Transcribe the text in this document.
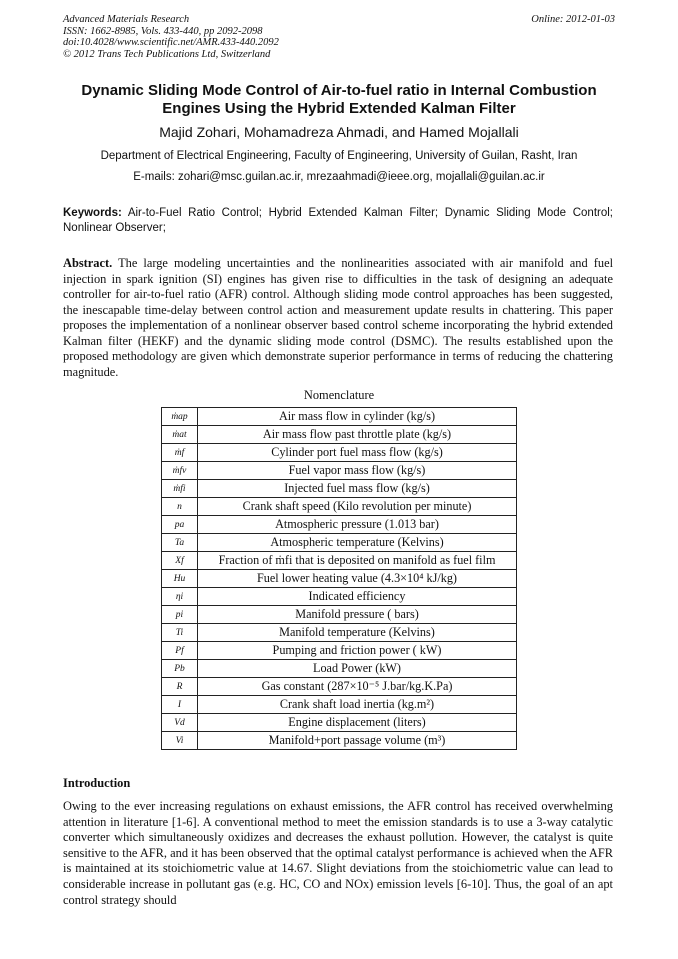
Advanced Materials Research
ISSN: 1662-8985, Vols. 433-440, pp 2092-2098
doi:10.4028/www.scientific.net/AMR.433-440.2092
© 2012 Trans Tech Publications Ltd, Switzerland
Online: 2012-01-03
Dynamic Sliding Mode Control of Air-to-fuel ratio in Internal Combustion
Engines Using the Hybrid Extended Kalman Filter
Majid Zohari, Mohamadreza Ahmadi, and Hamed Mojallali
Department of Electrical Engineering, Faculty of Engineering, University of Guilan, Rasht, Iran
E-mails: zohari@msc.guilan.ac.ir, mrezaahmadi@ieee.org, mojallali@guilan.ac.ir
Keywords: Air-to-Fuel Ratio Control; Hybrid Extended Kalman Filter; Dynamic Sliding Mode Control; Nonlinear Observer;
Abstract. The large modeling uncertainties and the nonlinearities associated with air manifold and fuel injection in spark ignition (SI) engines has given rise to difficulties in the task of designing an adequate controller for air-to-fuel ratio (AFR) control. Although sliding mode control approaches has been suggested, the inescapable time-delay between control action and measurement update results in chattering. This paper proposes the implementation of a nonlinear observer based control scheme incorporating the hybrid extended Kalman filter (HEKF) and the dynamic sliding mode control (DSMC). The results established upon the proposed methodology are given which demonstrate superior performance in terms of reducing the chattering magnitude.
Nomenclature
ṁap	Air mass flow in cylinder (kg/s)
ṁat	Air mass flow past throttle plate (kg/s)
ṁf	Cylinder port fuel mass flow (kg/s)
ṁfv	Fuel vapor mass flow (kg/s)
ṁfi	Injected fuel mass flow (kg/s)
n	Crank shaft speed (Kilo revolution per minute)
pa	Atmospheric pressure (1.013 bar)
Ta	Atmospheric temperature (Kelvins)
Xf	Fraction of ṁfi that is deposited on manifold as fuel film
Hu	Fuel lower heating value (4.3×10⁴ kJ/kg)
ηi	Indicated efficiency
pi	Manifold pressure ( bars)
Ti	Manifold temperature (Kelvins)
Pf	Pumping and friction power ( kW)
Pb	Load Power (kW)
R	Gas constant (287×10⁻⁵ J.bar/kg.K.Pa)
I	Crank shaft load inertia (kg.m²)
Vd	Engine displacement (liters)
Vi	Manifold+port passage volume (m³)
Introduction
Owing to the ever increasing regulations on exhaust emissions, the AFR control has received overwhelming attention in literature [1-6]. A conventional method to meet the emission standards is to use a 3-way catalytic converter which simultaneously oxidizes and decreases the exhaust pollution. However, the catalyst is quite sensitive to the AFR, and it has been observed that the optimal catalyst performance is achieved when the AFR is maintained at its stoichiometric value at 14.67. Slight deviations from the stoichiometric value can lead to considerable increase in pollutant gas (e.g. HC, CO and NOx) emission levels [6-10]. Thus, the goal of an apt control strategy should
